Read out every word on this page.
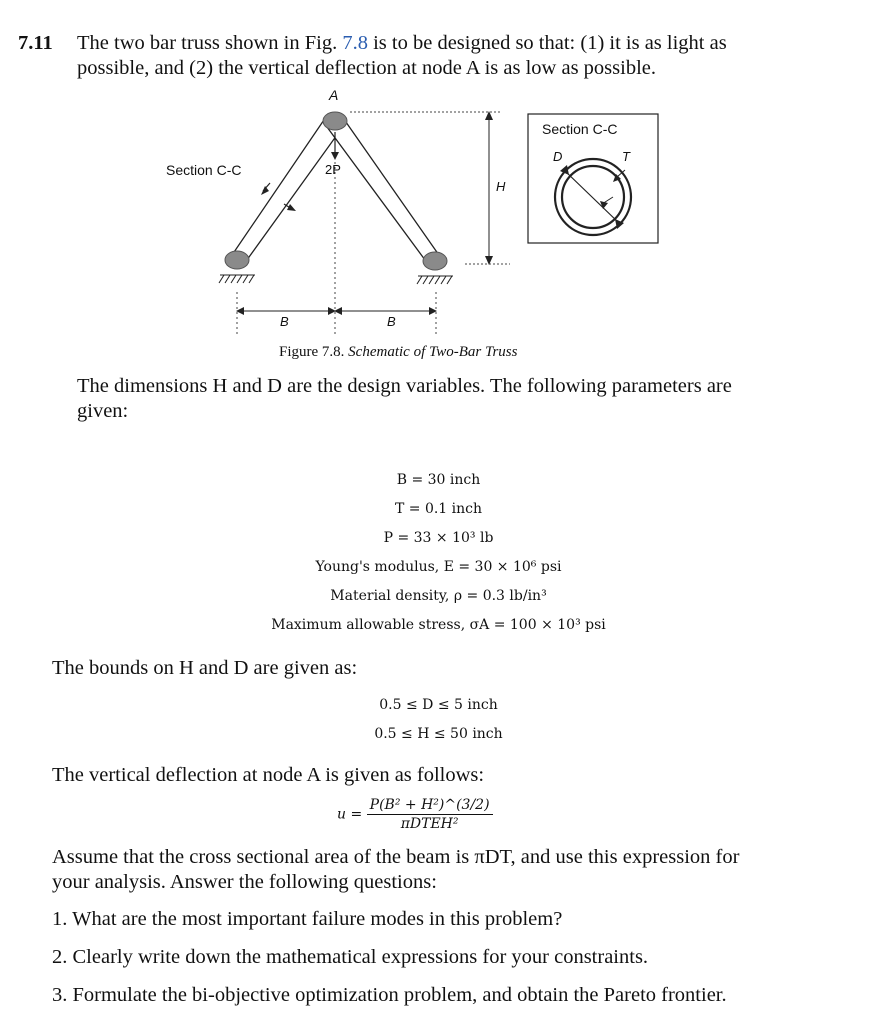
7.11 The two bar truss shown in Fig. 7.8 is to be designed so that: (1) it is as light as
possible, and (2) the vertical deflection at node A is as low as possible.
A
2P
H
Section C-C
Section C-C
D	T
B	B
Figure 7.8. Schematic of Two-Bar Truss
The dimensions H and D are the design variables. The following parameters are
given:
B = 30 inch
T = 0.1 inch
P = 33 × 10³ lb
Young's modulus, E = 30 × 10⁶ psi
Material density, ρ = 0.3 lb/in³
Maximum allowable stress, σA = 100 × 10³ psi
The bounds on H and D are given as:
0.5 ≤ D ≤ 5 inch
0.5 ≤ H ≤ 50 inch
The vertical deflection at node A is given as follows:
$u = \frac{\text{P(B² + H²)\textasciicircum{}(3/2)}}{\text{πDTEH²}}$
Assume that the cross sectional area of the beam is πDT, and use this expression for
your analysis. Answer the following questions:
1. What are the most important failure modes in this problem?
2. Clearly write down the mathematical expressions for your constraints.
3. Formulate the bi-objective optimization problem, and obtain the Pareto frontier.
